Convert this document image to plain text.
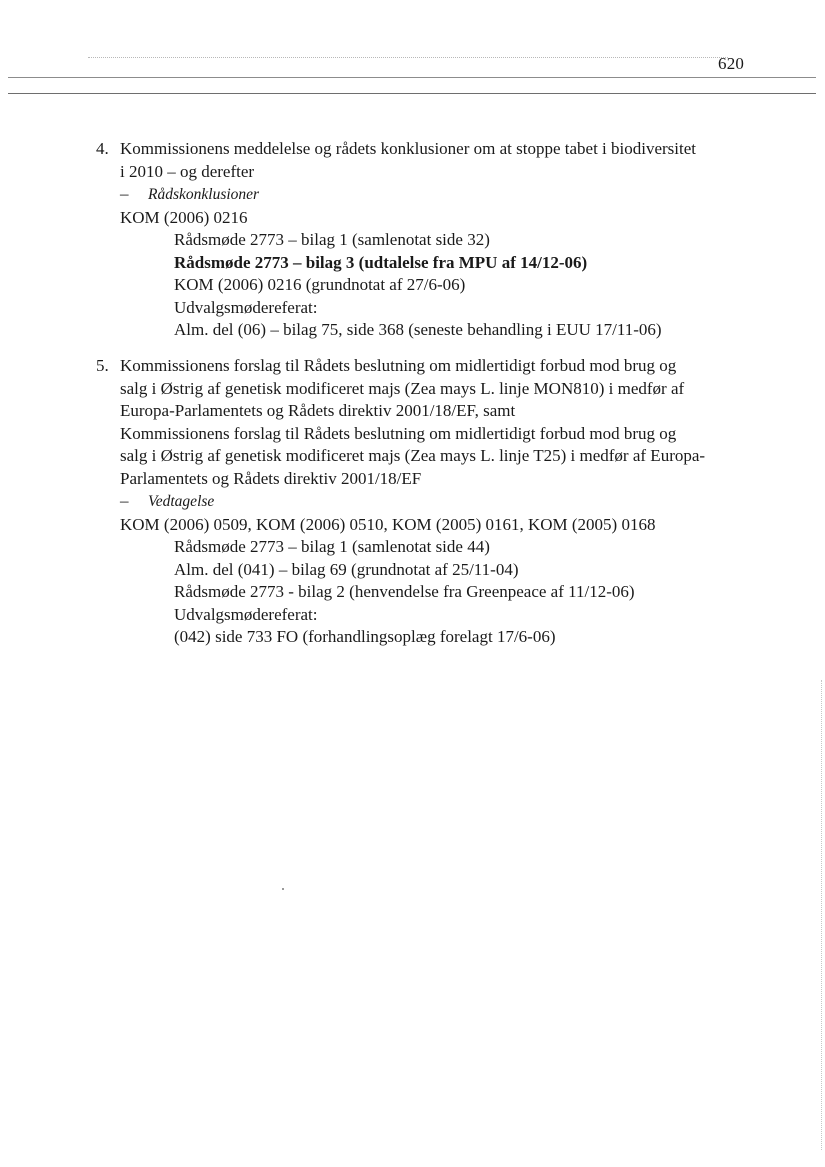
620
4. Kommissionens meddelelse og rådets konklusioner om at stoppe tabet i biodiversitet
i 2010 – og derefter
– Rådskonklusioner
KOM (2006) 0216
Rådsmøde 2773 – bilag 1 (samlenotat side 32)
Rådsmøde 2773 – bilag 3 (udtalelse fra MPU af 14/12-06)
KOM (2006) 0216 (grundnotat af 27/6-06)
Udvalgsmødereferat:
Alm. del (06) – bilag 75, side 368 (seneste behandling i EUU 17/11-06)
5. Kommissionens forslag til Rådets beslutning om midlertidigt forbud mod brug og
salg i Østrig af genetisk modificeret majs (Zea mays L. linje MON810) i medfør af
Europa-Parlamentets og Rådets direktiv 2001/18/EF, samt
Kommissionens forslag til Rådets beslutning om midlertidigt forbud mod brug og
salg i Østrig af genetisk modificeret majs (Zea mays L. linje T25) i medfør af Europa-
Parlamentets og Rådets direktiv 2001/18/EF
– Vedtagelse
KOM (2006) 0509, KOM (2006) 0510, KOM (2005) 0161, KOM (2005) 0168
Rådsmøde 2773 – bilag 1 (samlenotat side 44)
Alm. del (041) – bilag 69 (grundnotat af 25/11-04)
Rådsmøde 2773 - bilag 2 (henvendelse fra Greenpeace af 11/12-06)
Udvalgsmødereferat:
(042) side 733 FO (forhandlingsoplæg forelagt 17/6-06)
